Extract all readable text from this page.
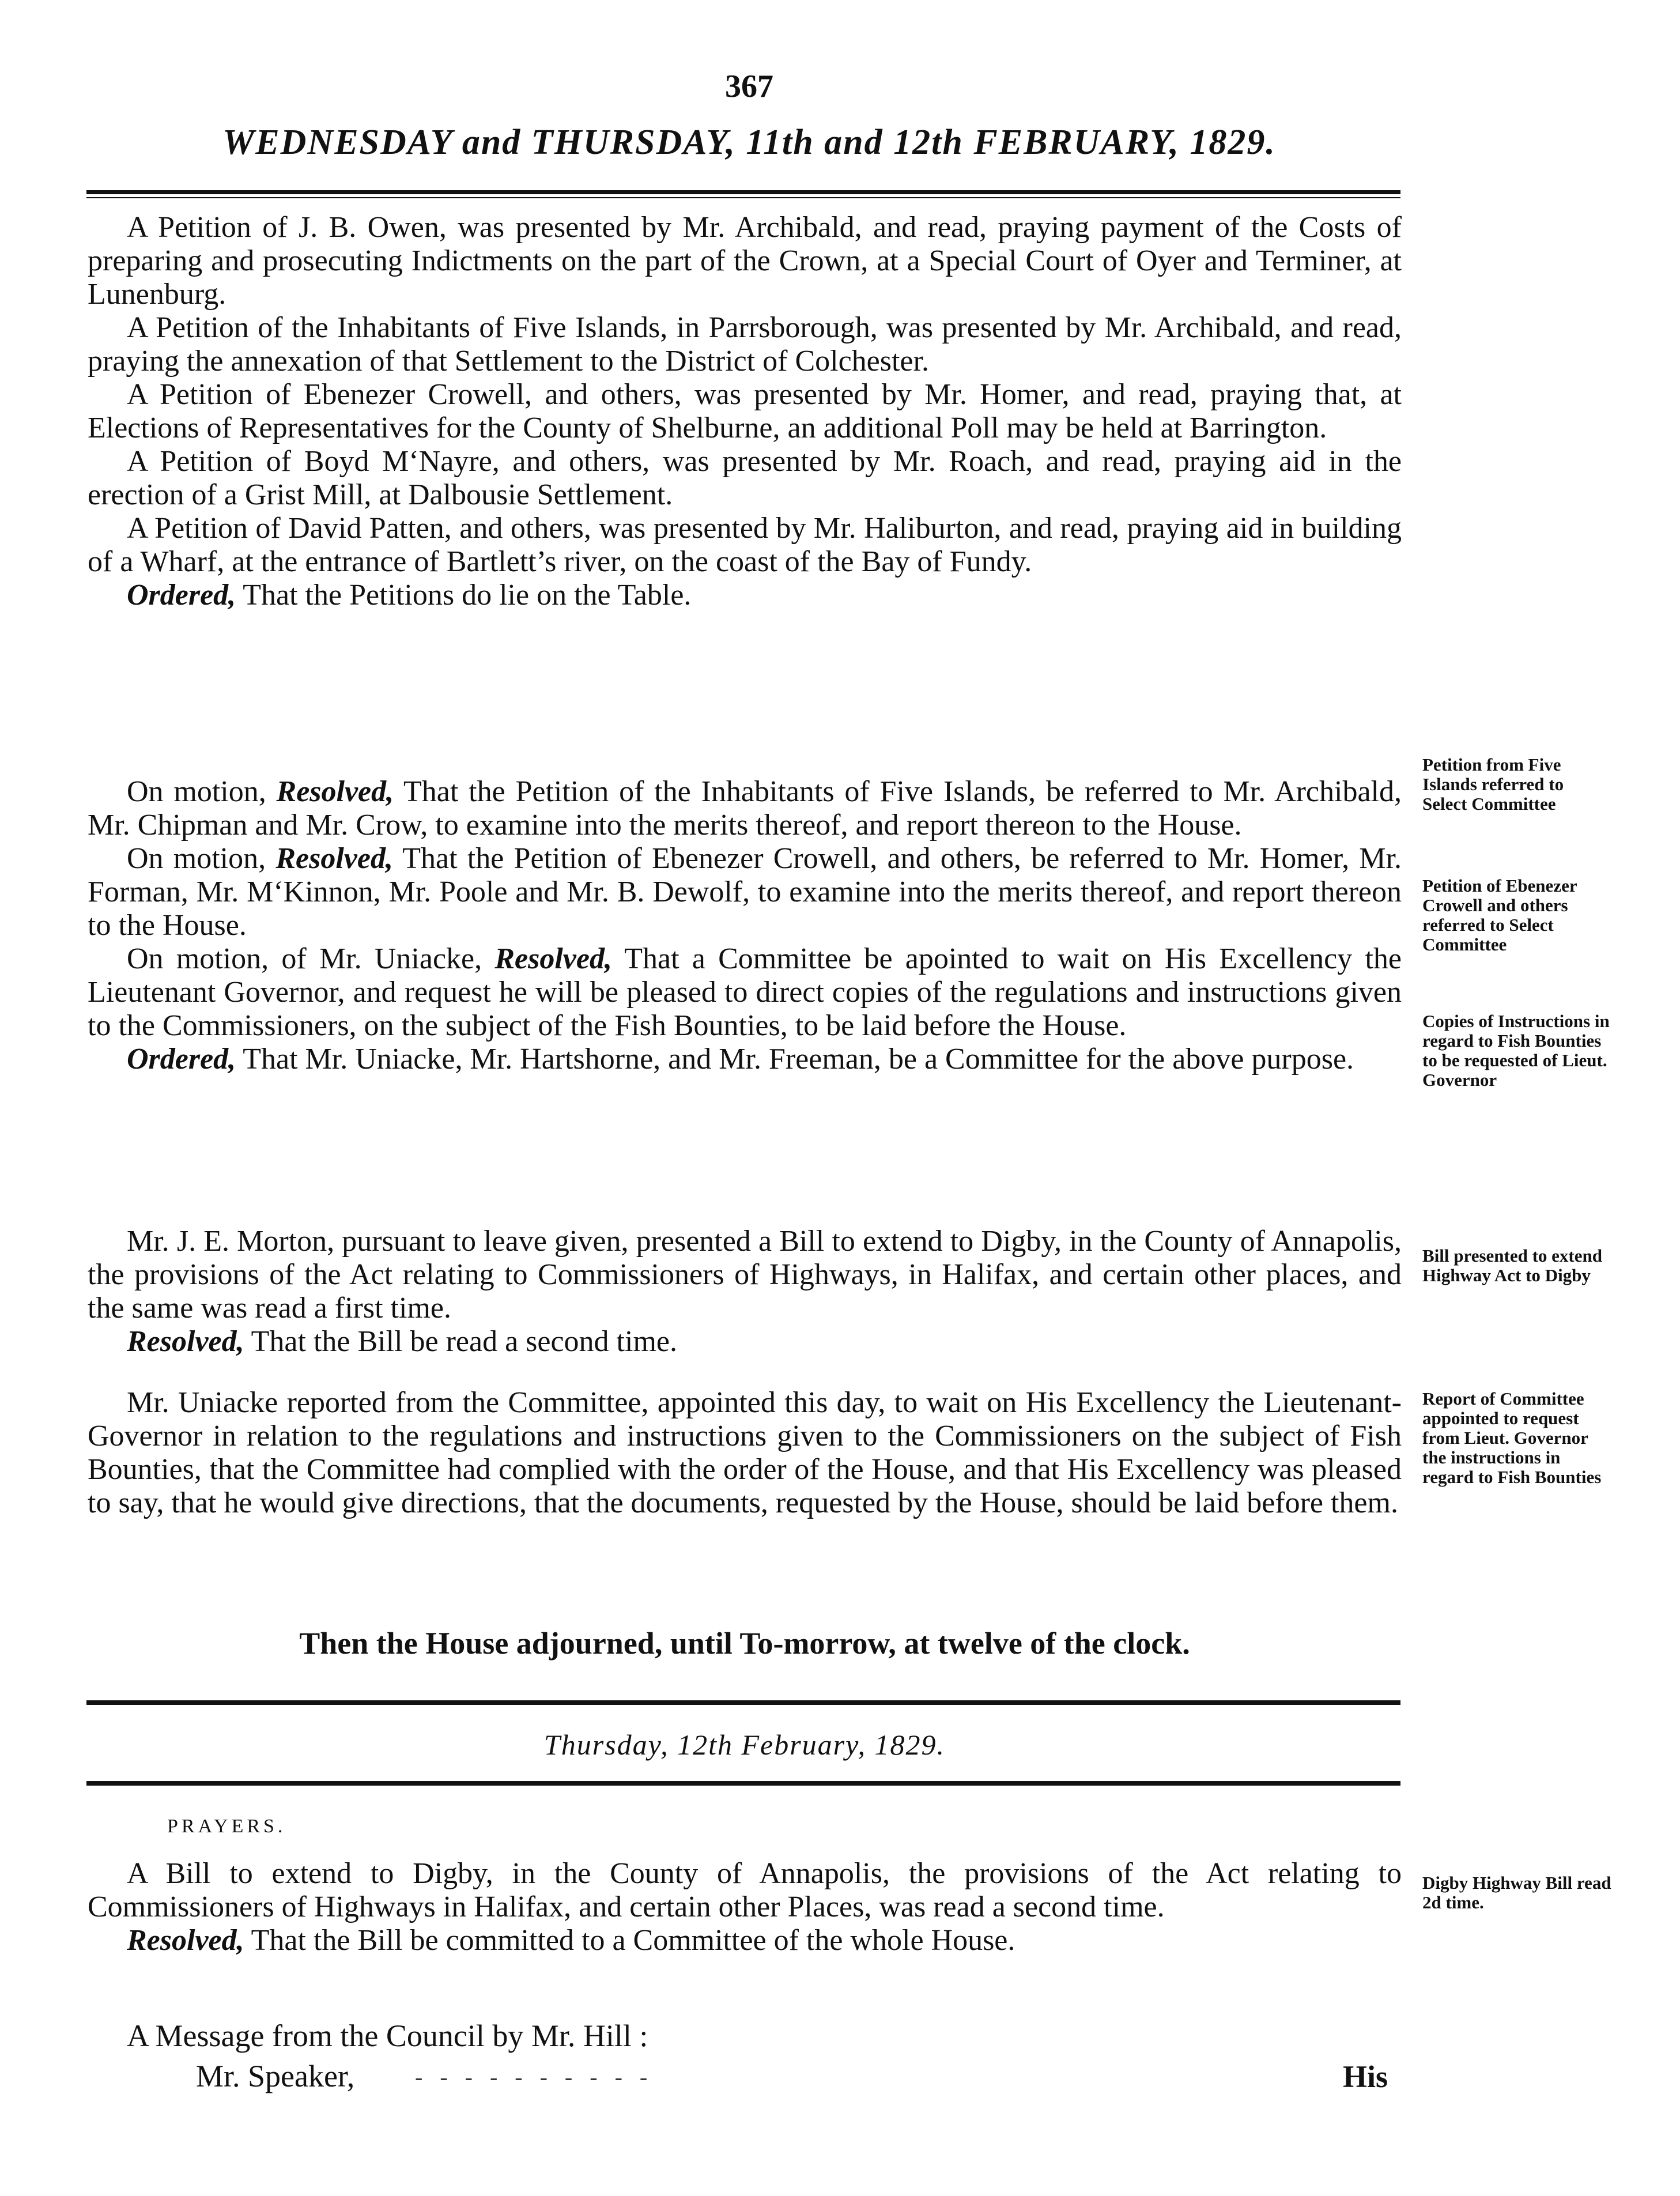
367
WEDNESDAY and THURSDAY, 11th and 12th FEBRUARY, 1829.

A Petition of J. B. Owen, was presented by Mr. Archibald, and read, praying payment of the Costs of preparing and prosecuting Indictments on the part of the Crown, at a Special Court of Oyer and Terminer, at Lunenburg.

A Petition of the Inhabitants of Five Islands, in Parrsborough, was presented by Mr. Archibald, and read, praying the annexation of that Settlement to the District of Colchester.

A Petition of Ebenezer Crowell, and others, was presented by Mr. Homer, and read, praying that, at Elections of Representatives for the County of Shelburne, an additional Poll may be held at Barrington.

A Petition of Boyd M‘Nayre, and others, was presented by Mr. Roach, and read, praying aid in the erection of a Grist Mill, at Dalbousie Settlement.

A Petition of David Patten, and others, was presented by Mr. Haliburton, and read, praying aid in building of a Wharf, at the entrance of Bartlett’s river, on the coast of the Bay of Fundy.

Ordered, That the Petitions do lie on the Table.

On motion, Resolved, That the Petition of the Inhabitants of Five Islands, be referred to Mr. Archibald, Mr. Chipman and Mr. Crow, to examine into the merits thereof, and report thereon to the House.

On motion, Resolved, That the Petition of Ebenezer Crowell, and others, be referred to Mr. Homer, Mr. Forman, Mr. M‘Kinnon, Mr. Poole and Mr. B. Dewolf, to examine into the merits thereof, and report thereon to the House.

On motion, of Mr. Uniacke, Resolved, That a Committee be apointed to wait on His Excellency the Lieutenant Governor, and request he will be pleased to direct copies of the regulations and instructions given to the Commissioners, on the subject of the Fish Bounties, to be laid before the House.

Ordered, That Mr. Uniacke, Mr. Hartshorne, and Mr. Freeman, be a Committee for the above purpose.

Mr. J. E. Morton, pursuant to leave given, presented a Bill to extend to Digby, in the County of Annapolis, the provisions of the Act relating to Commissioners of Highways, in Halifax, and certain other places, and the same was read a first time.

Resolved, That the Bill be read a second time.

Mr. Uniacke reported from the Committee, appointed this day, to wait on His Excellency the Lieutenant-Governor in relation to the regulations and instructions given to the Commissioners on the subject of Fish Bounties, that the Committee had complied with the order of the House, and that His Excellency was pleased to say, that he would give directions, that the documents, requested by the House, should be laid before them.

Then the House adjourned, until To-morrow, at twelve of the clock.
Thursday, 12th February, 1829.
PRAYERS.

A Bill to extend to Digby, in the County of Annapolis, the provisions of the Act relating to Commissioners of Highways in Halifax, and certain other Places, was read a second time.

Resolved, That the Bill be committed to a Committee of the whole House.

A Message from the Council by Mr. Hill :
Mr. Speaker,	- - - - - - - - - -	His
Petition from Five Islands referred to Select Committee
Petition of Ebenezer Crowell and others referred to Select Committee
Copies of Instructions in regard to Fish Bounties to be requested of Lieut. Governor
Bill presented to extend Highway Act to Digby
Report of Committee appointed to request from Lieut. Governor the instructions in regard to Fish Bounties
Digby Highway Bill read 2d time.
